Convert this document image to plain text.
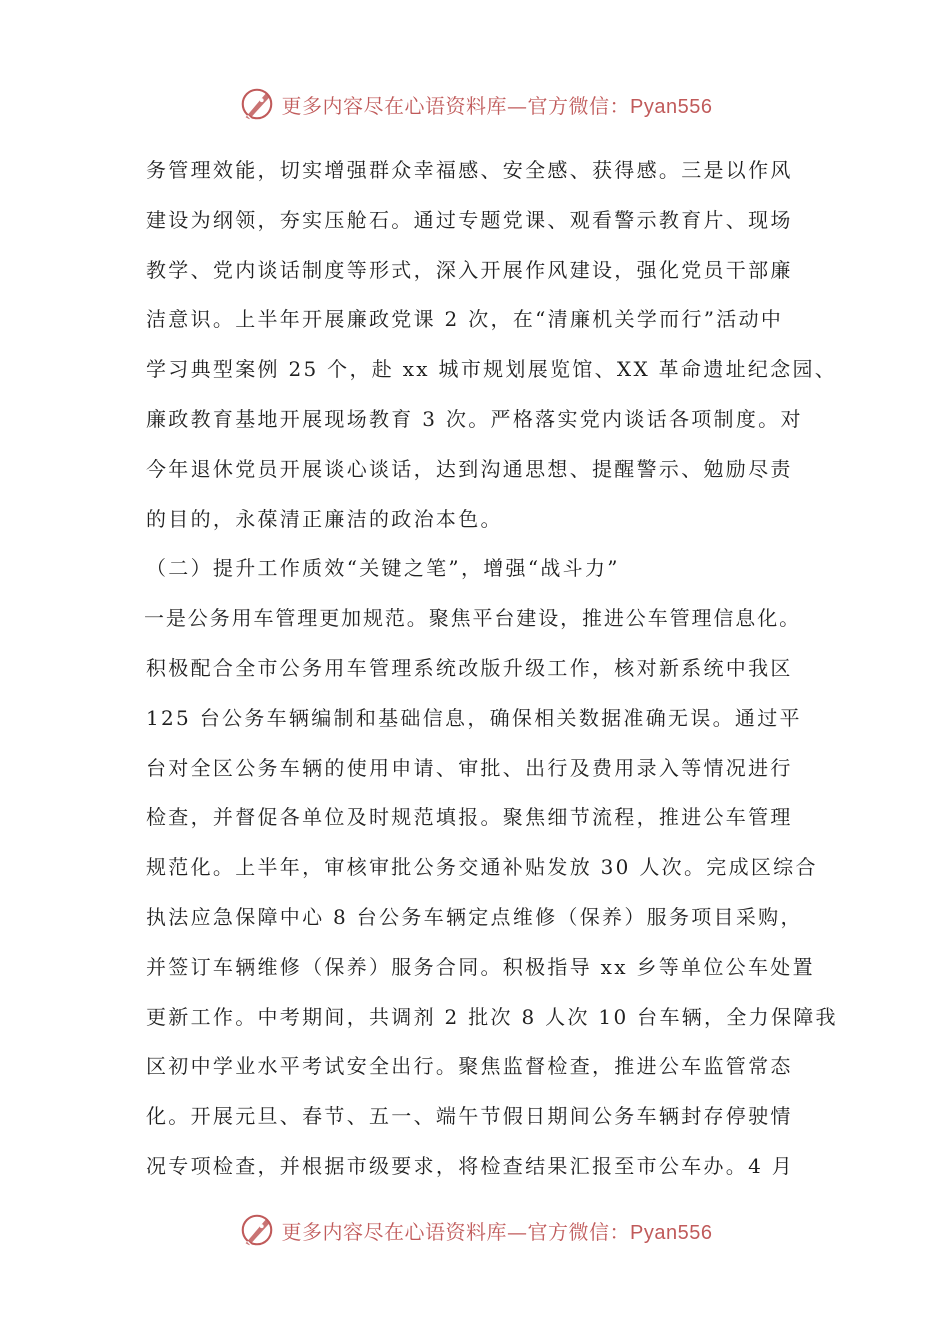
更多内容尽在心语资料库—官方微信：Pyan556
务管理效能，切实增强群众幸福感、安全感、获得感。三是以作风
建设为纲领，夯实压舱石。通过专题党课、观看警示教育片、现场
教学、党内谈话制度等形式，深入开展作风建设，强化党员干部廉
洁意识。上半年开展廉政党课 2 次，在“清廉机关学而行”活动中
学习典型案例 25 个，赴 xx 城市规划展览馆、XX 革命遗址纪念园、
廉政教育基地开展现场教育 3 次。严格落实党内谈话各项制度。对
今年退休党员开展谈心谈话，达到沟通思想、提醒警示、勉励尽责
的目的，永葆清正廉洁的政治本色。
（二）提升工作质效“关键之笔”，增强“战斗力”
一是公务用车管理更加规范。聚焦平台建设，推进公车管理信息化。
积极配合全市公务用车管理系统改版升级工作，核对新系统中我区
125 台公务车辆编制和基础信息，确保相关数据准确无误。通过平
台对全区公务车辆的使用申请、审批、出行及费用录入等情况进行
检查，并督促各单位及时规范填报。聚焦细节流程，推进公车管理
规范化。上半年，审核审批公务交通补贴发放 30 人次。完成区综合
执法应急保障中心 8 台公务车辆定点维修（保养）服务项目采购，
并签订车辆维修（保养）服务合同。积极指导 xx 乡等单位公车处置
更新工作。中考期间，共调剂 2 批次 8 人次 10 台车辆，全力保障我
区初中学业水平考试安全出行。聚焦监督检查，推进公车监管常态
化。开展元旦、春节、五一、端午节假日期间公务车辆封存停驶情
况专项检查，并根据市级要求，将检查结果汇报至市公车办。4 月
更多内容尽在心语资料库—官方微信：Pyan556
